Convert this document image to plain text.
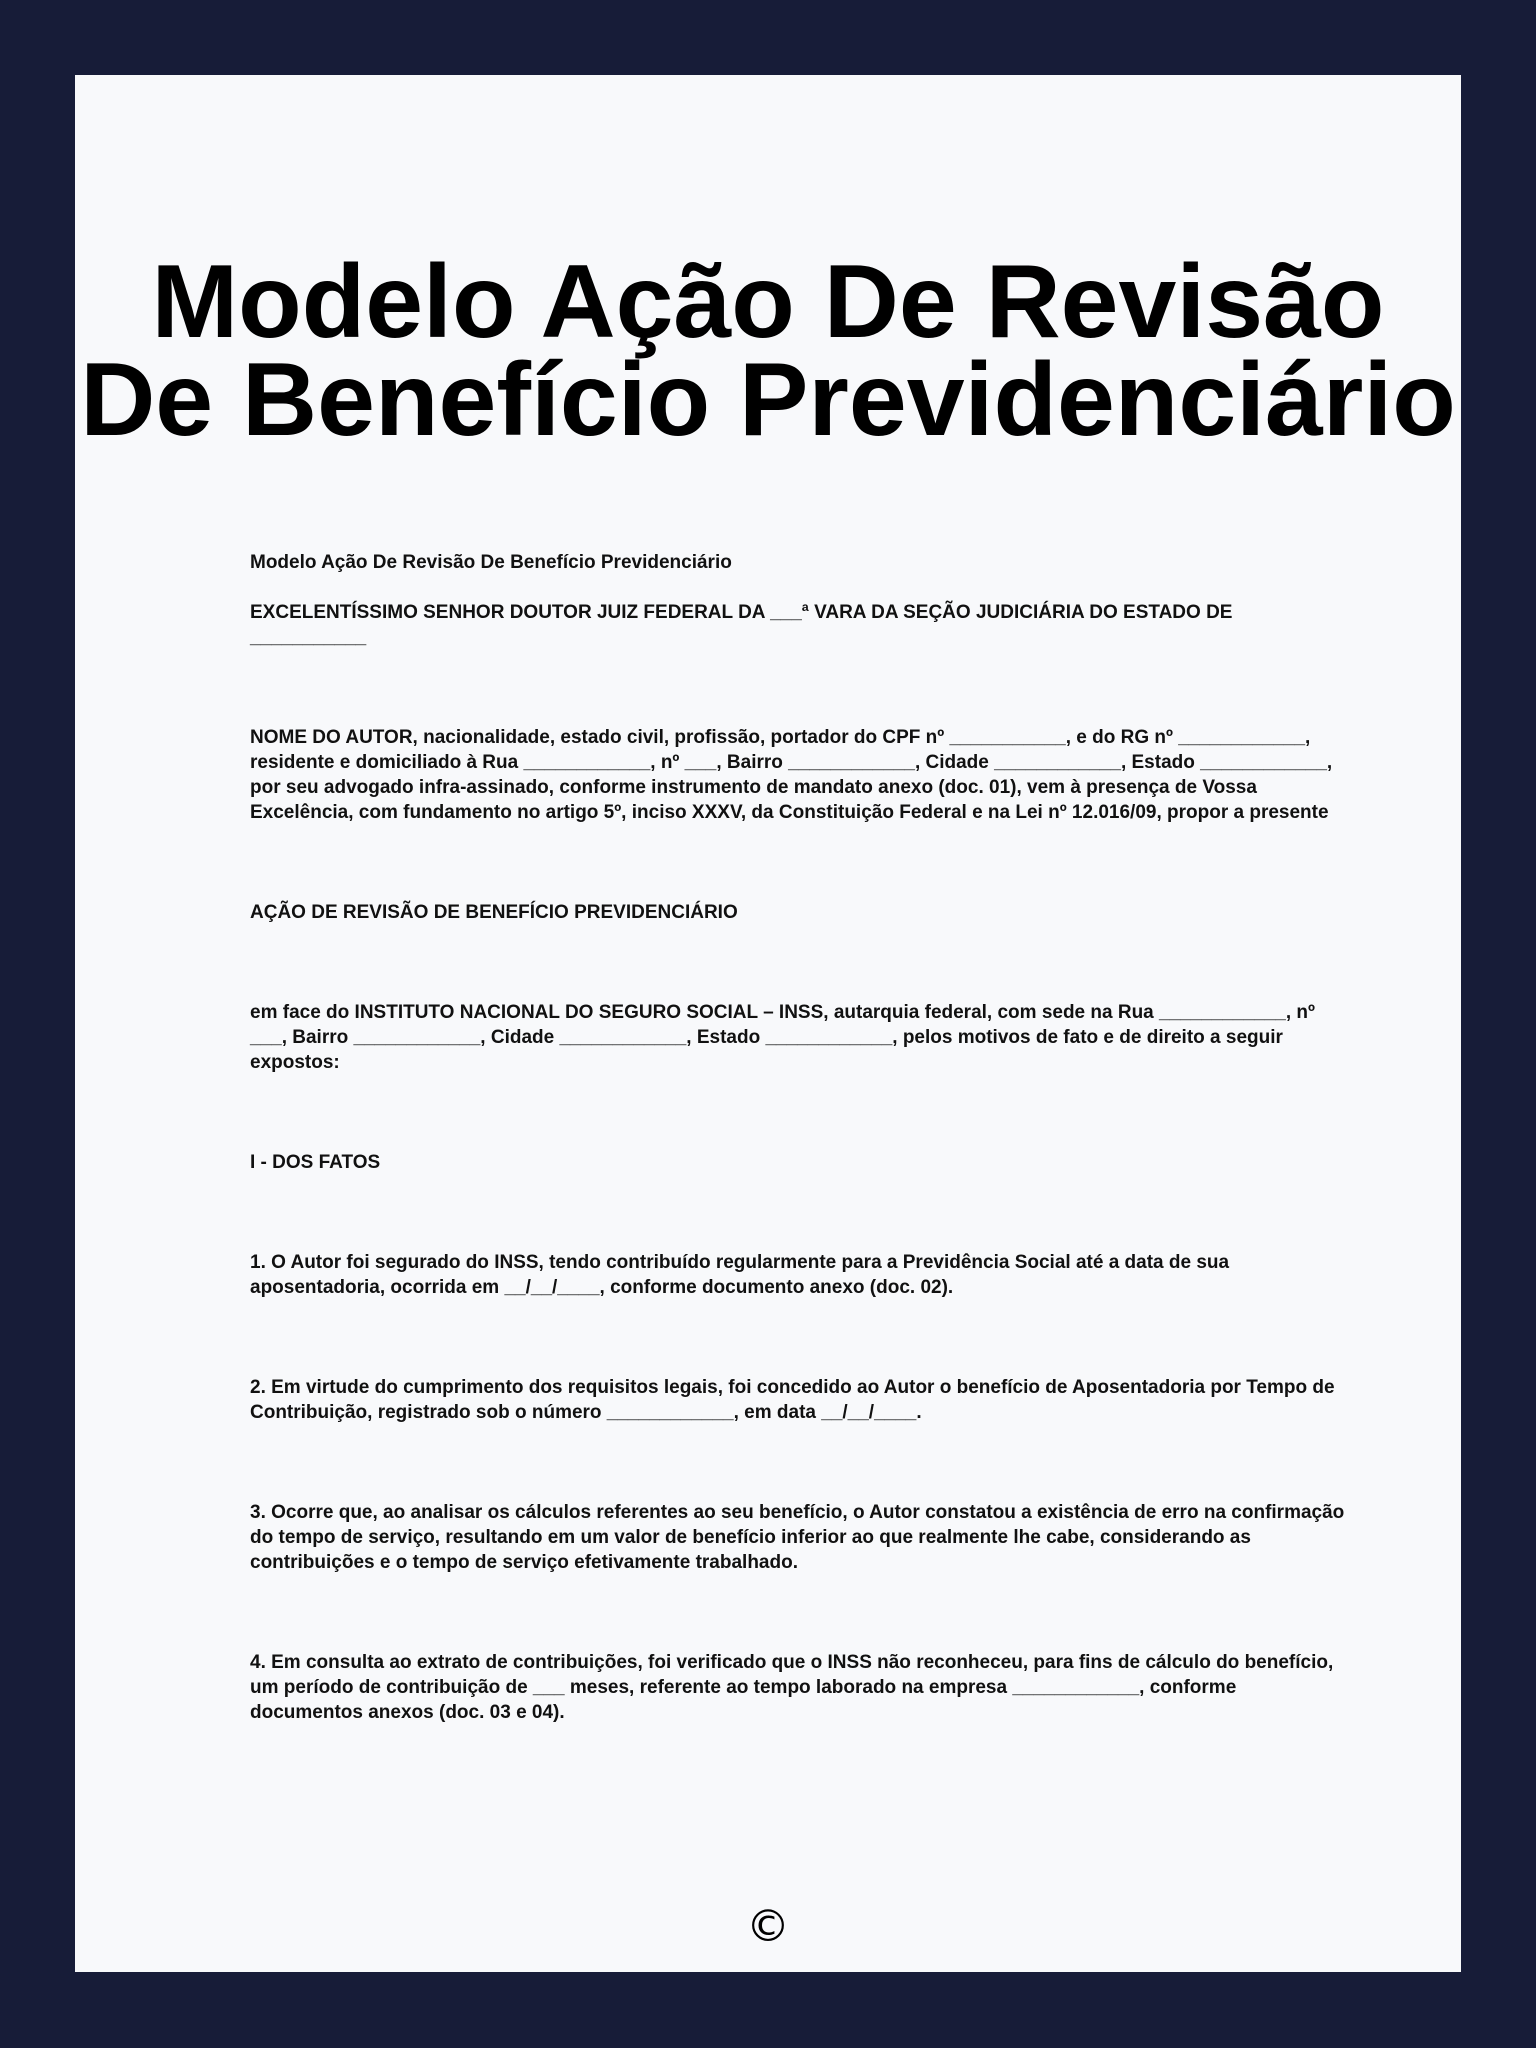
Modelo Ação De Revisão De Benefício Previdenciário

Modelo Ação De Revisão De Benefício Previdenciário

EXCELENTÍSSIMO SENHOR DOUTOR JUIZ FEDERAL DA ___ª VARA DA SEÇÃO JUDICIÁRIA DO ESTADO DE ___________

NOME DO AUTOR, nacionalidade, estado civil, profissão, portador do CPF nº ___________, e do RG nº ____________, residente e domiciliado à Rua ____________, nº ___, Bairro ____________, Cidade ____________, Estado ____________, por seu advogado infra-assinado, conforme instrumento de mandato anexo (doc. 01), vem à presença de Vossa Excelência, com fundamento no artigo 5º, inciso XXXV, da Constituição Federal e na Lei nº 12.016/09, propor a presente

AÇÃO DE REVISÃO DE BENEFÍCIO PREVIDENCIÁRIO

em face do INSTITUTO NACIONAL DO SEGURO SOCIAL – INSS, autarquia federal, com sede na Rua ____________, nº ___, Bairro ____________, Cidade ____________, Estado ____________, pelos motivos de fato e de direito a seguir expostos:

I - DOS FATOS

1. O Autor foi segurado do INSS, tendo contribuído regularmente para a Previdência Social até a data de sua aposentadoria, ocorrida em __/__/____, conforme documento anexo (doc. 02).

2. Em virtude do cumprimento dos requisitos legais, foi concedido ao Autor o benefício de Aposentadoria por Tempo de Contribuição, registrado sob o número ____________, em data __/__/____.

3. Ocorre que, ao analisar os cálculos referentes ao seu benefício, o Autor constatou a existência de erro na confirmação do tempo de serviço, resultando em um valor de benefício inferior ao que realmente lhe cabe, considerando as contribuições e o tempo de serviço efetivamente trabalhado.

4. Em consulta ao extrato de contribuições, foi verificado que o INSS não reconheceu, para fins de cálculo do benefício, um período de contribuição de ___ meses, referente ao tempo laborado na empresa ____________, conforme documentos anexos (doc. 03 e 04).

©
